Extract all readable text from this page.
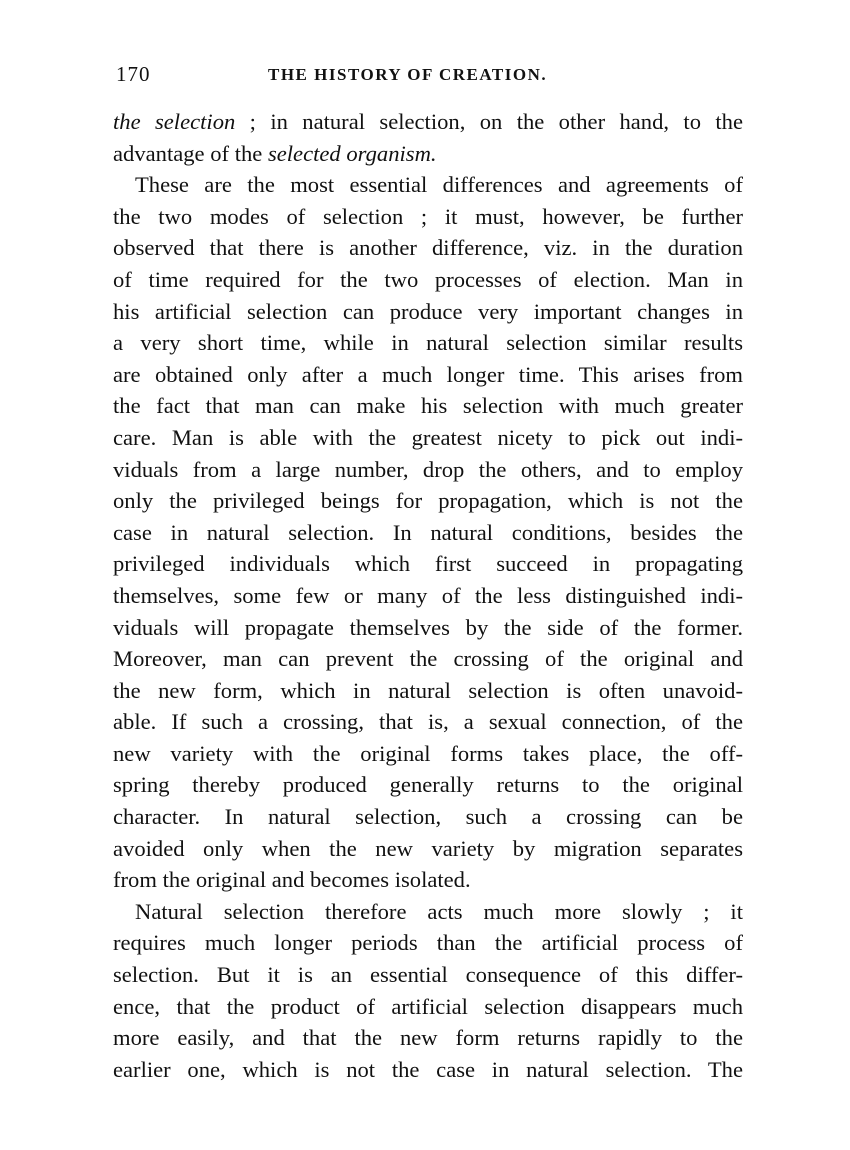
170	THE HISTORY OF CREATION.
the selection ; in natural selection, on the other hand, to the
advantage of the selected organism.
These are the most essential differences and agreements of
the two modes of selection ; it must, however, be further
observed that there is another difference, viz. in the duration
of time required for the two processes of election. Man in
his artificial selection can produce very important changes in
a very short time, while in natural selection similar results
are obtained only after a much longer time. This arises from
the fact that man can make his selection with much greater
care. Man is able with the greatest nicety to pick out indi-
viduals from a large number, drop the others, and to employ
only the privileged beings for propagation, which is not the
case in natural selection. In natural conditions, besides the
privileged individuals which first succeed in propagating
themselves, some few or many of the less distinguished indi-
viduals will propagate themselves by the side of the former.
Moreover, man can prevent the crossing of the original and
the new form, which in natural selection is often unavoid-
able. If such a crossing, that is, a sexual connection, of the
new variety with the original forms takes place, the off-
spring thereby produced generally returns to the original
character. In natural selection, such a crossing can be
avoided only when the new variety by migration separates
from the original and becomes isolated.
Natural selection therefore acts much more slowly ; it
requires much longer periods than the artificial process of
selection. But it is an essential consequence of this differ-
ence, that the product of artificial selection disappears much
more easily, and that the new form returns rapidly to the
earlier one, which is not the case in natural selection. The
